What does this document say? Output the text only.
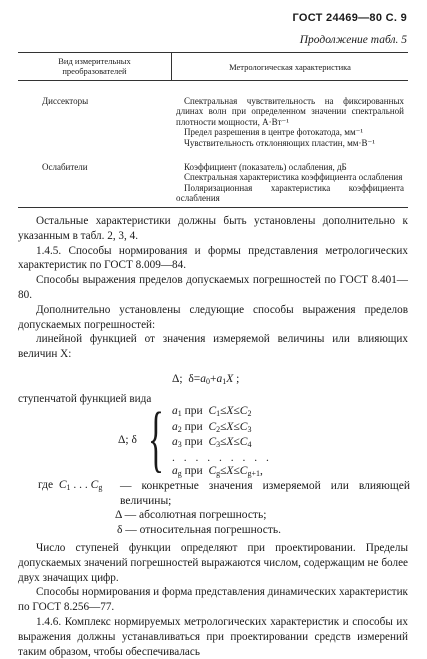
ГОСТ 24469—80 С. 9
Продолжение табл. 5
Вид измерительных
преобразователей	Метрологическая характеристика
Диссекторы	Спектральная чувствительность на фиксированных длинах волн при определенном значении спектральной плотности мощности, А·Вт⁻¹

Предел разрешения в центре фотокатода, мм⁻¹

Чувствительность отклоняющих пластин, мм·В⁻¹

Ослабители	Коэффициент (показатель) ослабления, дБ

Спектральная характеристика коэффициента ослабления

Поляризационная характеристика коэффициента ослабления

Остальные характеристики должны быть установлены дополнительно к указанным в табл. 2, 3, 4.

1.4.5. Способы нормирования и формы представления метрологических характеристик по ГОСТ 8.009—84.

Способы выражения пределов допускаемых погрешностей по ГОСТ 8.401—80.

Дополнительно установлены следующие способы выражения пределов допускаемых погрешностей:

линейной функцией от значения измеряемой величины или влияющих величин X:

Δ;  $\delta=a_0+a_1X$ ;

ступенчатой функцией вида

Δ; δ { $a_1$ при  $C_1\le X\le C_2$
$a_2$ при  $C_2\le X\le C_3$
$a_3$ при  $C_3\le X\le C_4$
. . . . . . . . .
$a_g$ при  $C_g\le X\le C_{g+1}$,
где $C_1$ . . . $C_g$ — конкретные значения измеряемой или влияющей величины;
Δ — абсолютная погрешность;
δ — относительная погрешность.

Число ступеней функции определяют при проектировании. Пределы допускаемых значений погрешностей выражаются числом, содержащим не более двух значащих цифр.

Способы нормирования и форма представления динамических характеристик по ГОСТ 8.256—77.

1.4.6. Комплекс нормируемых метрологических характеристик и способы их выражения должны устанавливаться при проектировании средств измерений таким образом, чтобы обеспечивалась
